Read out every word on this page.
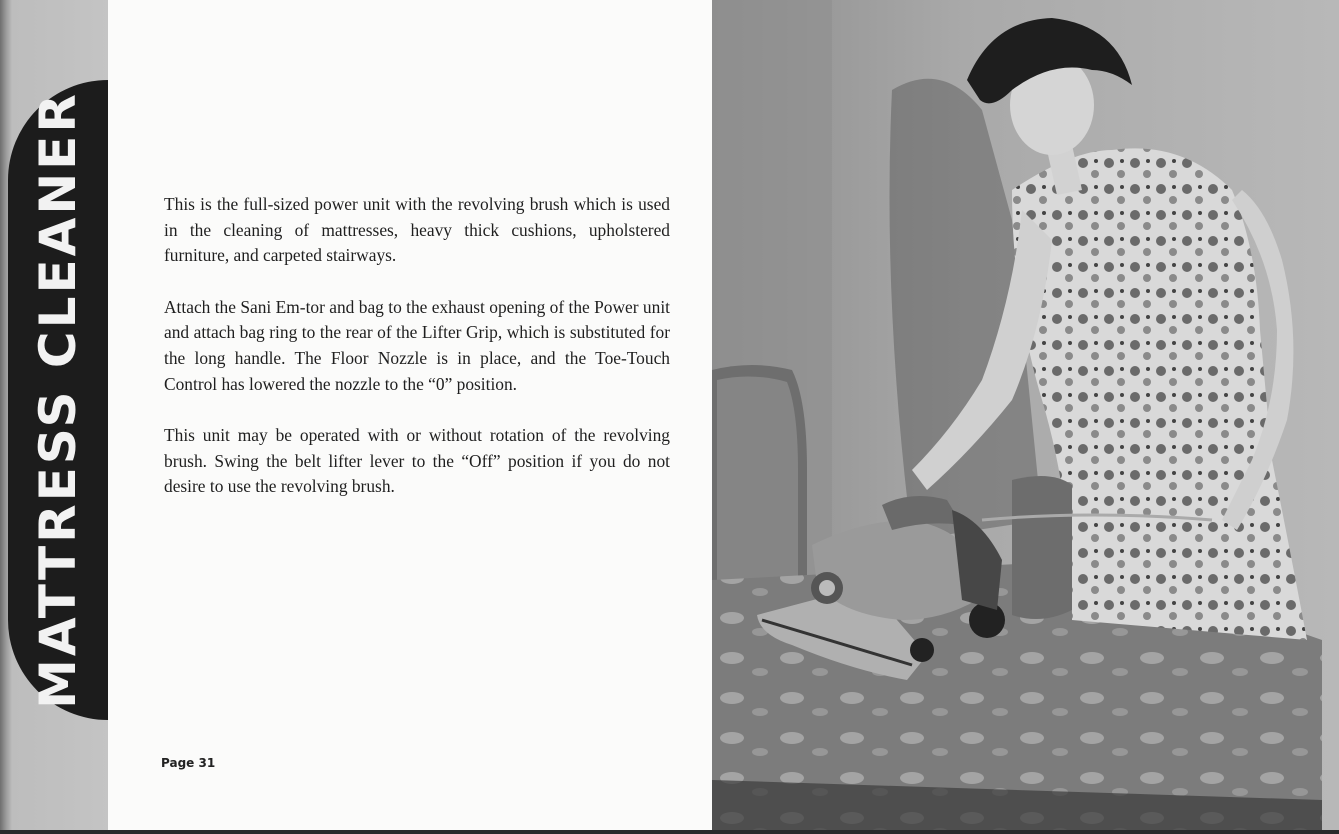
MATTRESS CLEANER	This is the full-sized power unit with the revolving brush which is used in the cleaning of mattresses, heavy thick cushions, upholstered furniture, and carpeted stairways.

Attach the Sani Em-tor and bag to the exhaust opening of the Power unit and attach bag ring to the rear of the Lifter Grip, which is substituted for the long handle. The Floor Nozzle is in place, and the Toe-Touch Control has lowered the nozzle to the “0” position.

This unit may be operated with or without rotation of the revolving brush. Swing the belt lifter lever to the “Off” position if you do not desire to use the revolving brush.

Page 31
